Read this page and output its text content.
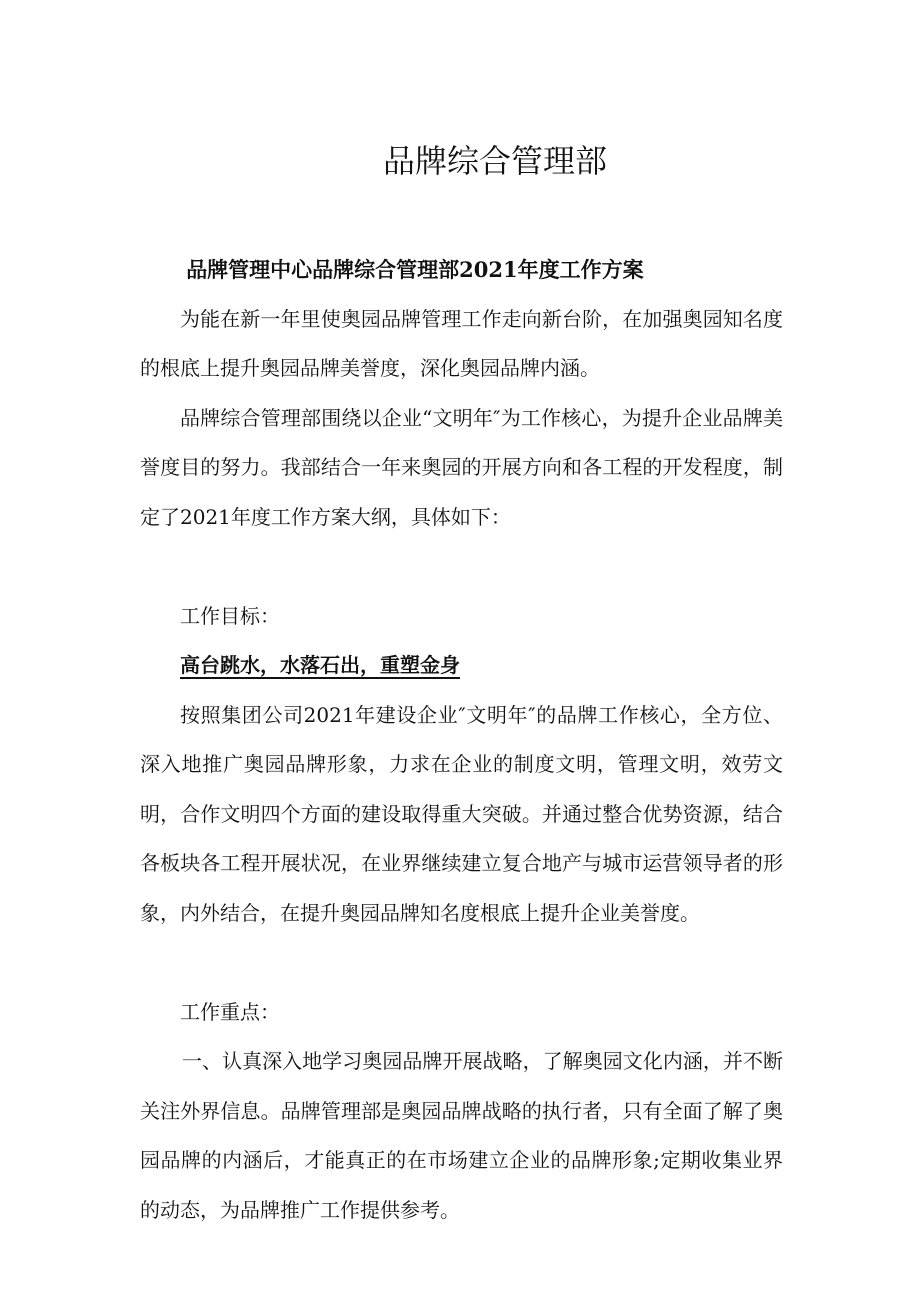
品牌综合管理部

品牌管理中心品牌综合管理部2021年度工作方案

为能在新一年里使奥园品牌管理工作走向新台阶，在加强奥园知名度的根底上提升奥园品牌美誉度，深化奥园品牌内涵。

品牌综合管理部围绕以企业“文明年″为工作核心，为提升企业品牌美誉度目的努力。我部结合一年来奥园的开展方向和各工程的开发程度，制定了2021年度工作方案大纲，具体如下：

工作目标：

高台跳水，水落石出，重塑金身

按照集团公司2021年建设企业″文明年″的品牌工作核心，全方位、深入地推广奥园品牌形象，力求在企业的制度文明，管理文明，效劳文明，合作文明四个方面的建设取得重大突破。并通过整合优势资源，结合各板块各工程开展状况，在业界继续建立复合地产与城市运营领导者的形象，内外结合，在提升奥园品牌知名度根底上提升企业美誉度。

工作重点：

一、认真深入地学习奥园品牌开展战略，了解奥园文化内涵，并不断关注外界信息。品牌管理部是奥园品牌战略的执行者，只有全面了解了奥园品牌的内涵后，才能真正的在市场建立企业的品牌形象;定期收集业界的动态，为品牌推广工作提供参考。
